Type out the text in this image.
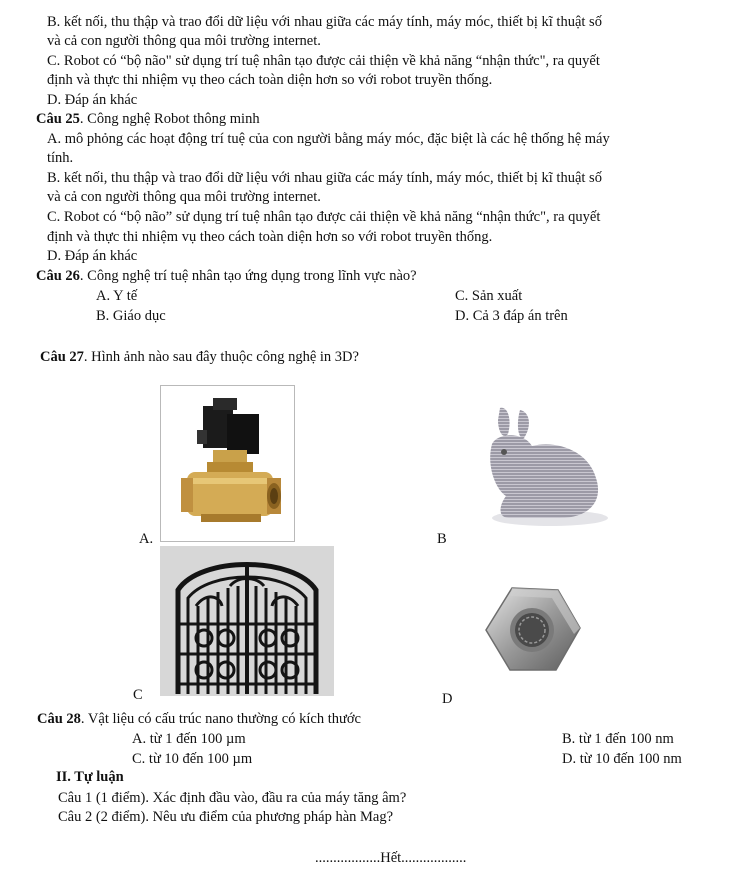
B. kết nối, thu thập và trao đổi dữ liệu với nhau giữa các máy tính, máy móc, thiết bị kĩ thuật số
và cả con người thông qua môi trường internet.
C. Robot có “bộ não" sử dụng trí tuệ nhân tạo được cải thiện về khả năng “nhận thức", ra quyết
định và thực thi nhiệm vụ theo cách toàn diện hơn so với robot truyền thống.
D. Đáp án khác
Câu 25. Công nghệ Robot thông minh
A. mô phỏng các hoạt động trí tuệ của con người bằng máy móc, đặc biệt là các hệ thống hệ máy
tính.
B. kết nối, thu thập và trao đổi dữ liệu với nhau giữa các máy tính, máy móc, thiết bị kĩ thuật số
và cả con người thông qua môi trường internet.
C. Robot có “bộ não” sử dụng trí tuệ nhân tạo được cải thiện về khả năng “nhận thức", ra quyết
định và thực thi nhiệm vụ theo cách toàn diện hơn so với robot truyền thống.
D. Đáp án khác
Câu 26. Công nghệ trí tuệ nhân tạo ứng dụng trong lĩnh vực nào?
A. Y tế	C. Sản xuất
B. Giáo dục	D. Cả 3 đáp án trên
Câu 27. Hình ảnh nào sau đây thuộc công nghệ in 3D?
A.	B
C	D
Câu 28. Vật liệu có cấu trúc nano thường có kích thước
A. từ 1 đến 100 µm	B. từ 1 đến 100 nm
C. từ 10 đến 100 µm	D. từ 10 đến 100 nm
II. Tự luận
Câu 1 (1 điểm). Xác định đầu vào, đầu ra của máy tăng âm?
Câu 2 (2 điểm). Nêu ưu điểm của phương pháp hàn Mag?
..................Hết..................
